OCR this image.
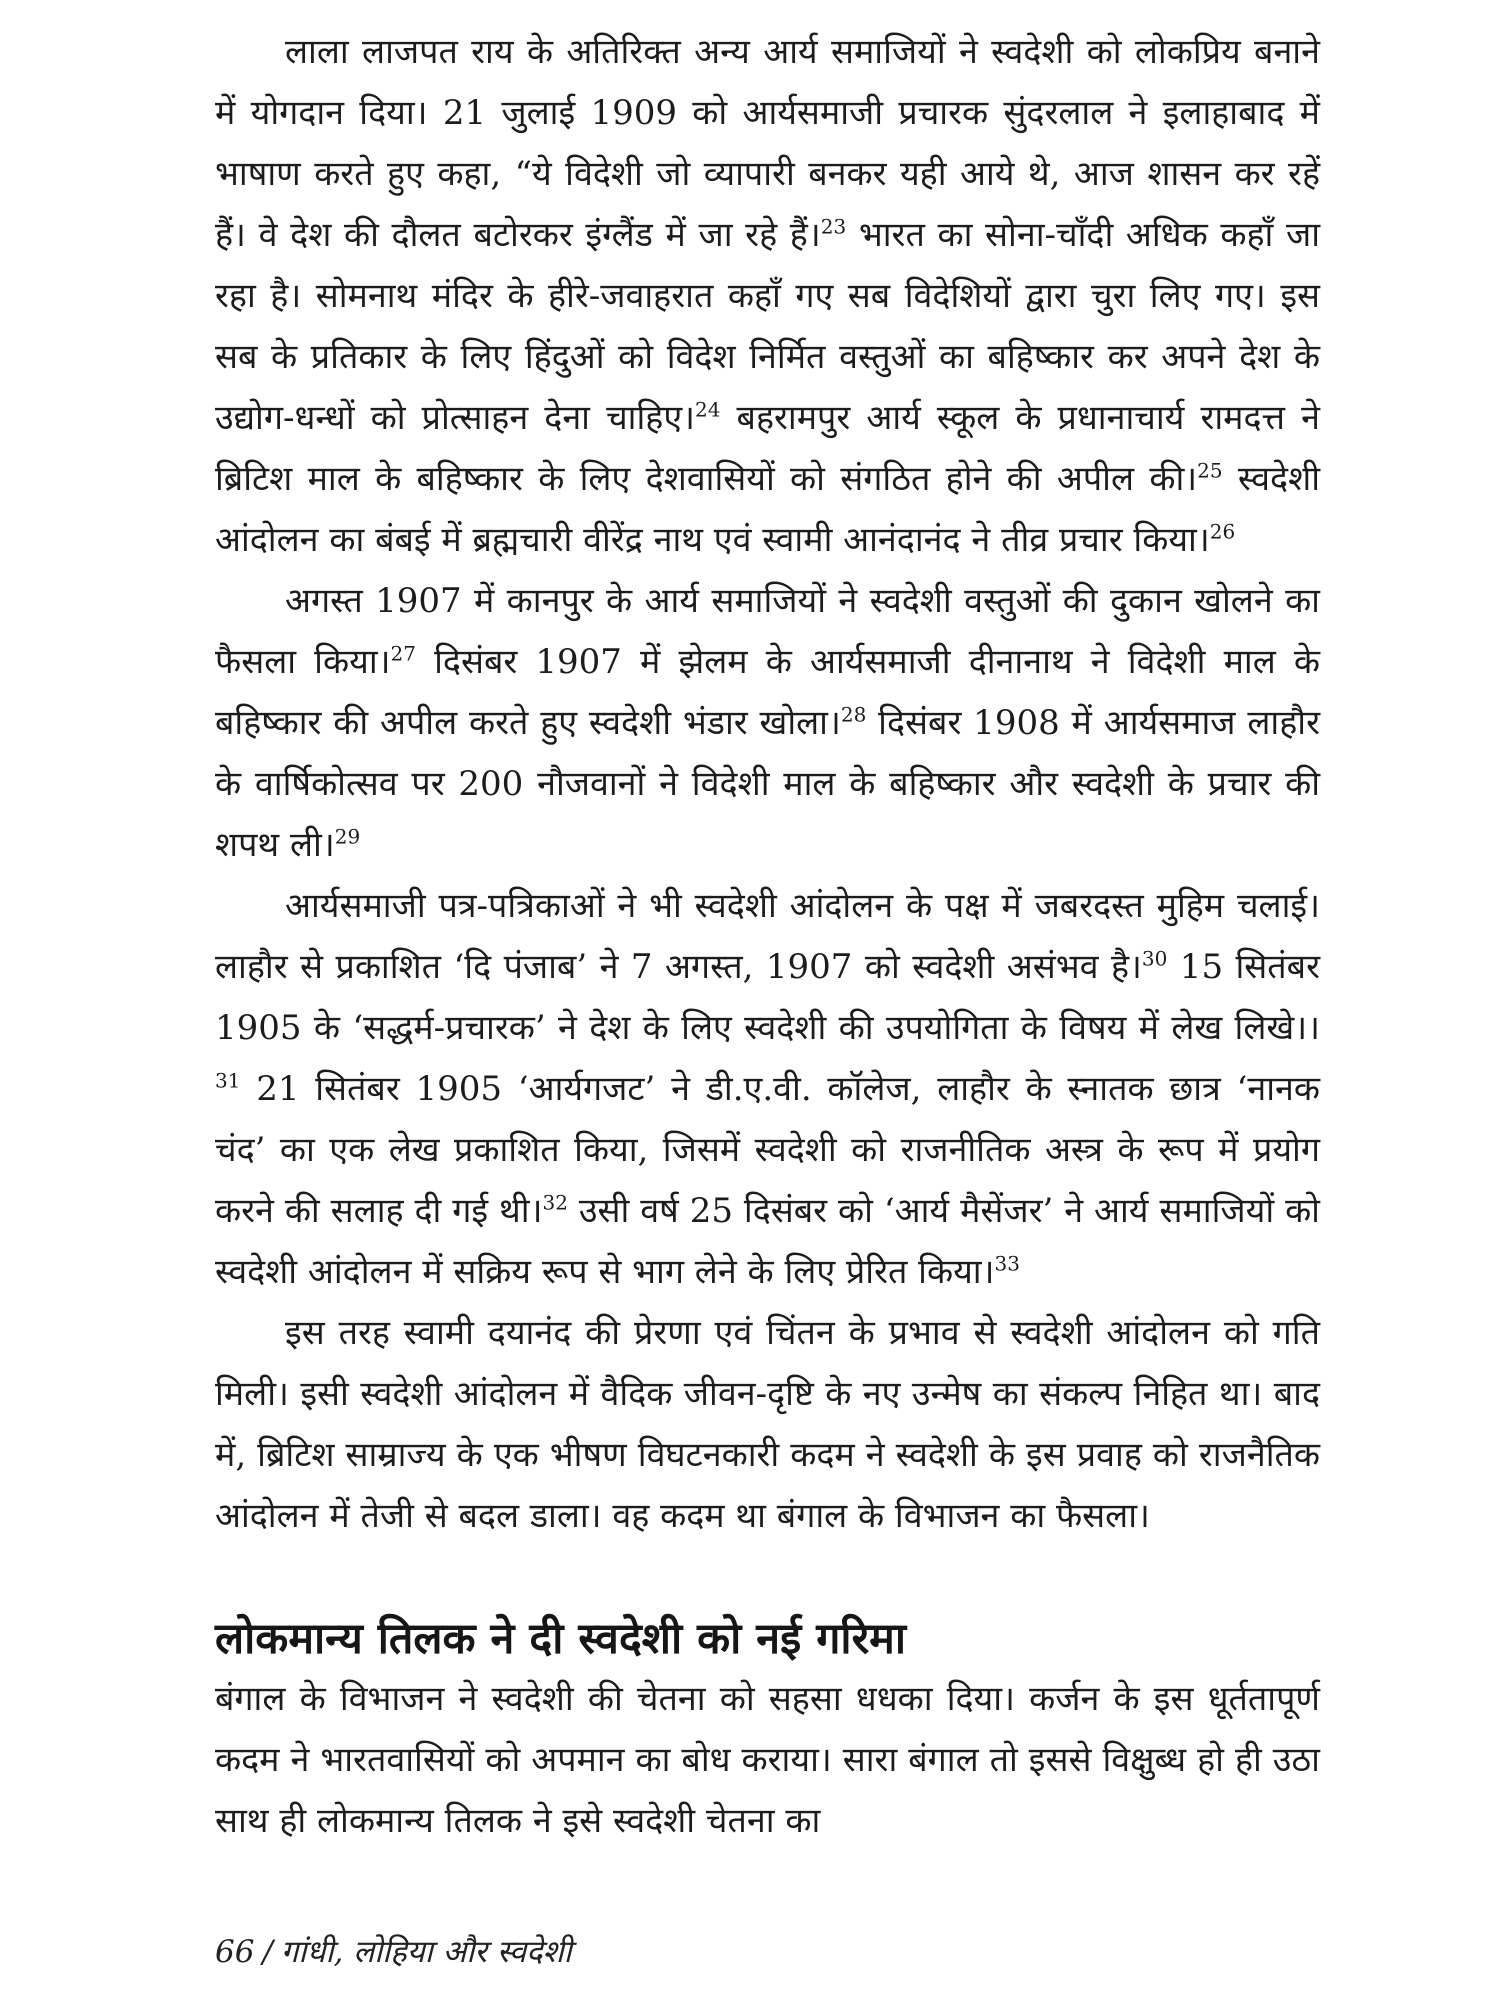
लाला लाजपत राय के अतिरिक्त अन्य आर्य समाजियों ने स्वदेशी को लोकप्रिय बनाने में योगदान दिया। 21 जुलाई 1909 को आर्यसमाजी प्रचारक सुंदरलाल ने इलाहाबाद में भाषाण करते हुए कहा, “ये विदेशी जो व्यापारी बनकर यही आये थे, आज शासन कर रहें हैं। वे देश की दौलत बटोरकर इंग्लैंड में जा रहे हैं।$^{23}$ भारत का सोना-चाँदी अधिक कहाँ जा रहा है। सोमनाथ मंदिर के हीरे-जवाहरात कहाँ गए सब विदेशियों द्वारा चुरा लिए गए। इस सब के प्रतिकार के लिए हिंदुओं को विदेश निर्मित वस्तुओं का बहिष्कार कर अपने देश के उद्योग-धन्धों को प्रोत्साहन देना चाहिए।$^{24}$ बहरामपुर आर्य स्कूल के प्रधानाचार्य रामदत्त ने ब्रिटिश माल के बहिष्कार के लिए देशवासियों को संगठित होने की अपील की।$^{25}$ स्वदेशी आंदोलन का बंबई में ब्रह्मचारी वीरेंद्र नाथ एवं स्वामी आनंदानंद ने तीव्र प्रचार किया।$^{26}$

अगस्त 1907 में कानपुर के आर्य समाजियों ने स्वदेशी वस्तुओं की दुकान खोलने का फैसला किया।$^{27}$ दिसंबर 1907 में झेलम के आर्यसमाजी दीनानाथ ने विदेशी माल के बहिष्कार की अपील करते हुए स्वदेशी भंडार खोला।$^{28}$ दिसंबर 1908 में आर्यसमाज लाहौर के वार्षिकोत्सव पर 200 नौजवानों ने विदेशी माल के बहिष्कार और स्वदेशी के प्रचार की शपथ ली।$^{29}$

आर्यसमाजी पत्र-पत्रिकाओं ने भी स्वदेशी आंदोलन के पक्ष में जबरदस्त मुहिम चलाई। लाहौर से प्रकाशित ‘दि पंजाब’ ने 7 अगस्त, 1907 को स्वदेशी असंभव है।$^{30}$ 15 सितंबर 1905 के ‘सद्धर्म-प्रचारक’ ने देश के लिए स्वदेशी की उपयोगिता के विषय में लेख लिखे।।$^{31}$ 21 सितंबर 1905 ‘आर्यगजट’ ने डी.ए.वी. कॉलेज, लाहौर के स्नातक छात्र ‘नानक चंद’ का एक लेख प्रकाशित किया, जिसमें स्वदेशी को राजनीतिक अस्त्र के रूप में प्रयोग करने की सलाह दी गई थी।$^{32}$ उसी वर्ष 25 दिसंबर को ‘आर्य मैसेंजर’ ने आर्य समाजियों को स्वदेशी आंदोलन में सक्रिय रूप से भाग लेने के लिए प्रेरित किया।$^{33}$

इस तरह स्वामी दयानंद की प्रेरणा एवं चिंतन के प्रभाव से स्वदेशी आंदोलन को गति मिली। इसी स्वदेशी आंदोलन में वैदिक जीवन-दृष्टि के नए उन्मेष का संकल्प निहित था। बाद में, ब्रिटिश साम्राज्य के एक भीषण विघटनकारी कदम ने स्वदेशी के इस प्रवाह को राजनैतिक आंदोलन में तेजी से बदल डाला। वह कदम था बंगाल के विभाजन का फैसला।

लोकमान्य तिलक ने दी स्वदेशी को नई गरिमा

बंगाल के विभाजन ने स्वदेशी की चेतना को सहसा धधका दिया। कर्जन के इस धूर्ततापूर्ण कदम ने भारतवासियों को अपमान का बोध कराया। सारा बंगाल तो इससे विक्षुब्ध हो ही उठा साथ ही लोकमान्य तिलक ने इसे स्वदेशी चेतना का

66 / गांधी, लोहिया और स्वदेशी
